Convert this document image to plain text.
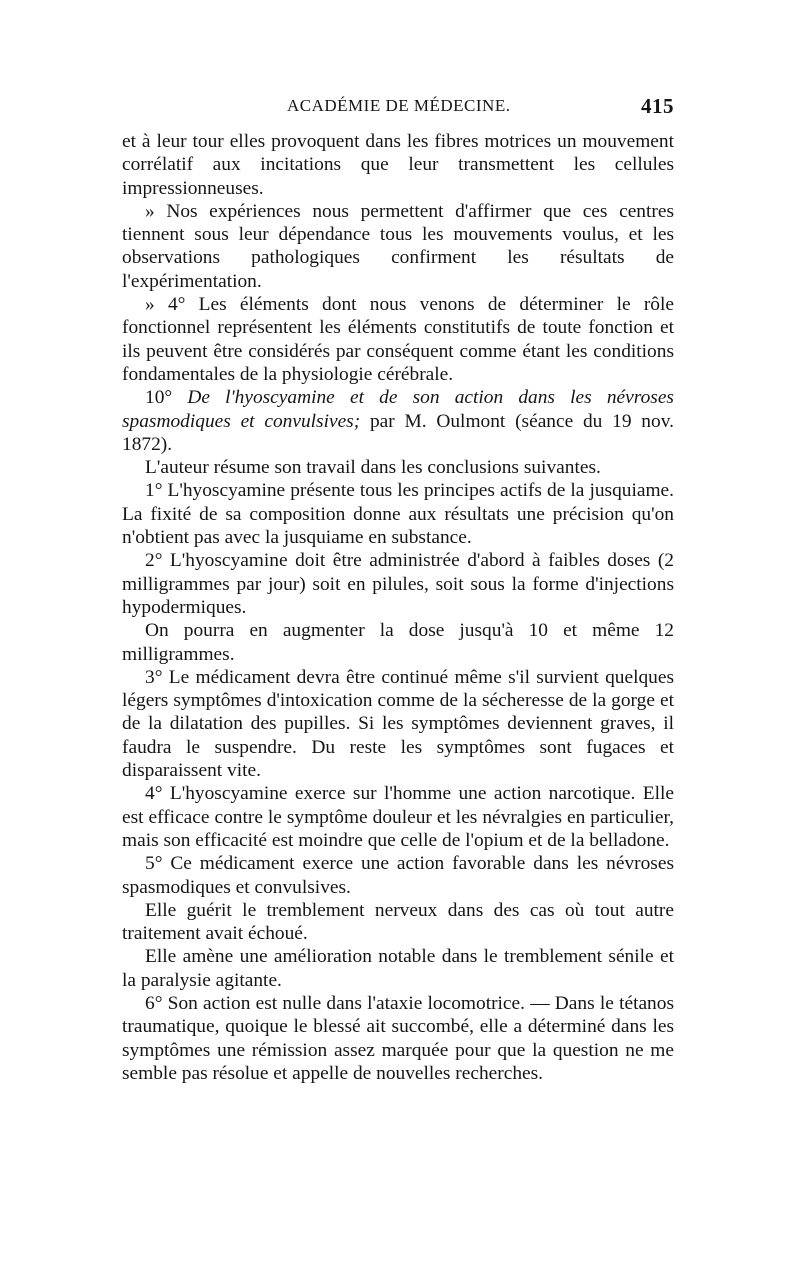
ACADÉMIE DE MÉDECINE.	415

et à leur tour elles provoquent dans les fibres motrices un mouvement corrélatif aux incitations que leur transmettent les cellules impressionneuses.

» Nos expériences nous permettent d'affirmer que ces centres tiennent sous leur dépendance tous les mouvements voulus, et les observations pathologiques confirment les résultats de l'expérimentation.

» 4° Les éléments dont nous venons de déterminer le rôle fonctionnel représentent les éléments constitutifs de toute fonction et ils peuvent être considérés par conséquent comme étant les conditions fondamentales de la physiologie cérébrale.

10° De l'hyoscyamine et de son action dans les névroses spasmodiques et convulsives; par M. Oulmont (séance du 19 nov. 1872).

L'auteur résume son travail dans les conclusions suivantes.

1° L'hyoscyamine présente tous les principes actifs de la jusquiame. La fixité de sa composition donne aux résultats une précision qu'on n'obtient pas avec la jusquiame en substance.

2° L'hyoscyamine doit être administrée d'abord à faibles doses (2 milligrammes par jour) soit en pilules, soit sous la forme d'injections hypodermiques.

On pourra en augmenter la dose jusqu'à 10 et même 12 milligrammes.

3° Le médicament devra être continué même s'il survient quelques légers symptômes d'intoxication comme de la sécheresse de la gorge et de la dilatation des pupilles. Si les symptômes deviennent graves, il faudra le suspendre. Du reste les symptômes sont fugaces et disparaissent vite.

4° L'hyoscyamine exerce sur l'homme une action narcotique. Elle est efficace contre le symptôme douleur et les névralgies en particulier, mais son efficacité est moindre que celle de l'opium et de la belladone.

5° Ce médicament exerce une action favorable dans les névroses spasmodiques et convulsives.

Elle guérit le tremblement nerveux dans des cas où tout autre traitement avait échoué.

Elle amène une amélioration notable dans le tremblement sénile et la paralysie agitante.

6° Son action est nulle dans l'ataxie locomotrice. — Dans le tétanos traumatique, quoique le blessé ait succombé, elle a déterminé dans les symptômes une rémission assez marquée pour que la question ne me semble pas résolue et appelle de nouvelles recherches.
